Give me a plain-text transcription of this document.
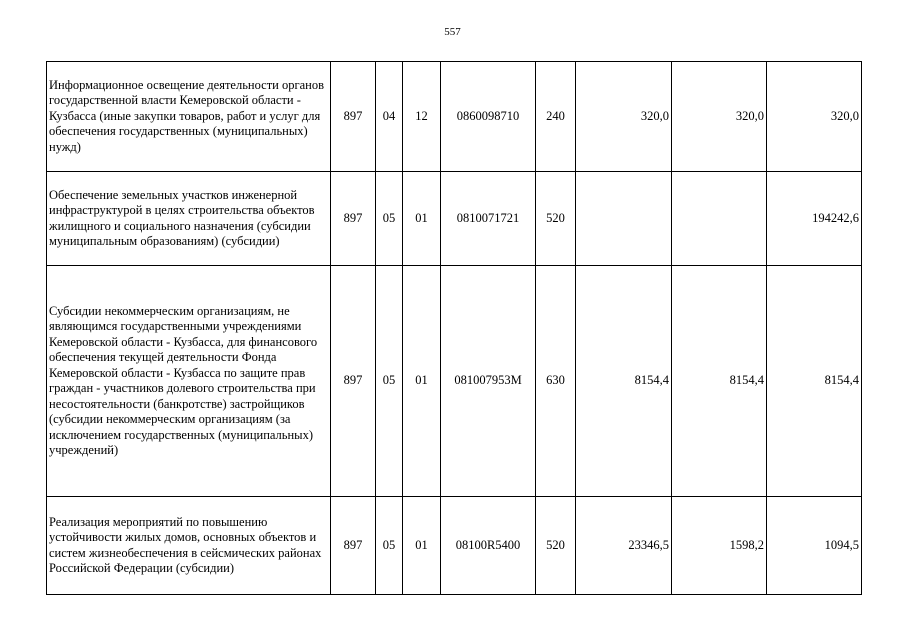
557
Информационное освещение деятельности органов государственной власти Кемеровской области - Кузбасса (иные закупки товаров, работ и услуг для обеспечения государственных (муниципальных) нужд)	897	04	12	0860098710	240	320,0	320,0	320,0
Обеспечение земельных участков инженерной инфраструктурой в целях строительства объектов жилищного и социального назначения (субсидии муниципальным образованиям) (субсидии)	897	05	01	0810071721	520			194242,6
Субсидии некоммерческим организациям, не являющимся государственными учреждениями Кемеровской области - Кузбасса, для финансового обеспечения текущей деятельности Фонда Кемеровской области - Кузбасса по защите прав граждан - участников долевого строительства при несостоятельности (банкротстве) застройщиков (субсидии некоммерческим организациям (за исключением государственных (муниципальных) учреждений)	897	05	01	081007953М	630	8154,4	8154,4	8154,4
Реализация мероприятий по повышению устойчивости жилых домов, основных объектов и систем жизнеобеспечения в сейсмических районах Российской Федерации (субсидии)	897	05	01	08100R5400	520	23346,5	1598,2	1094,5
